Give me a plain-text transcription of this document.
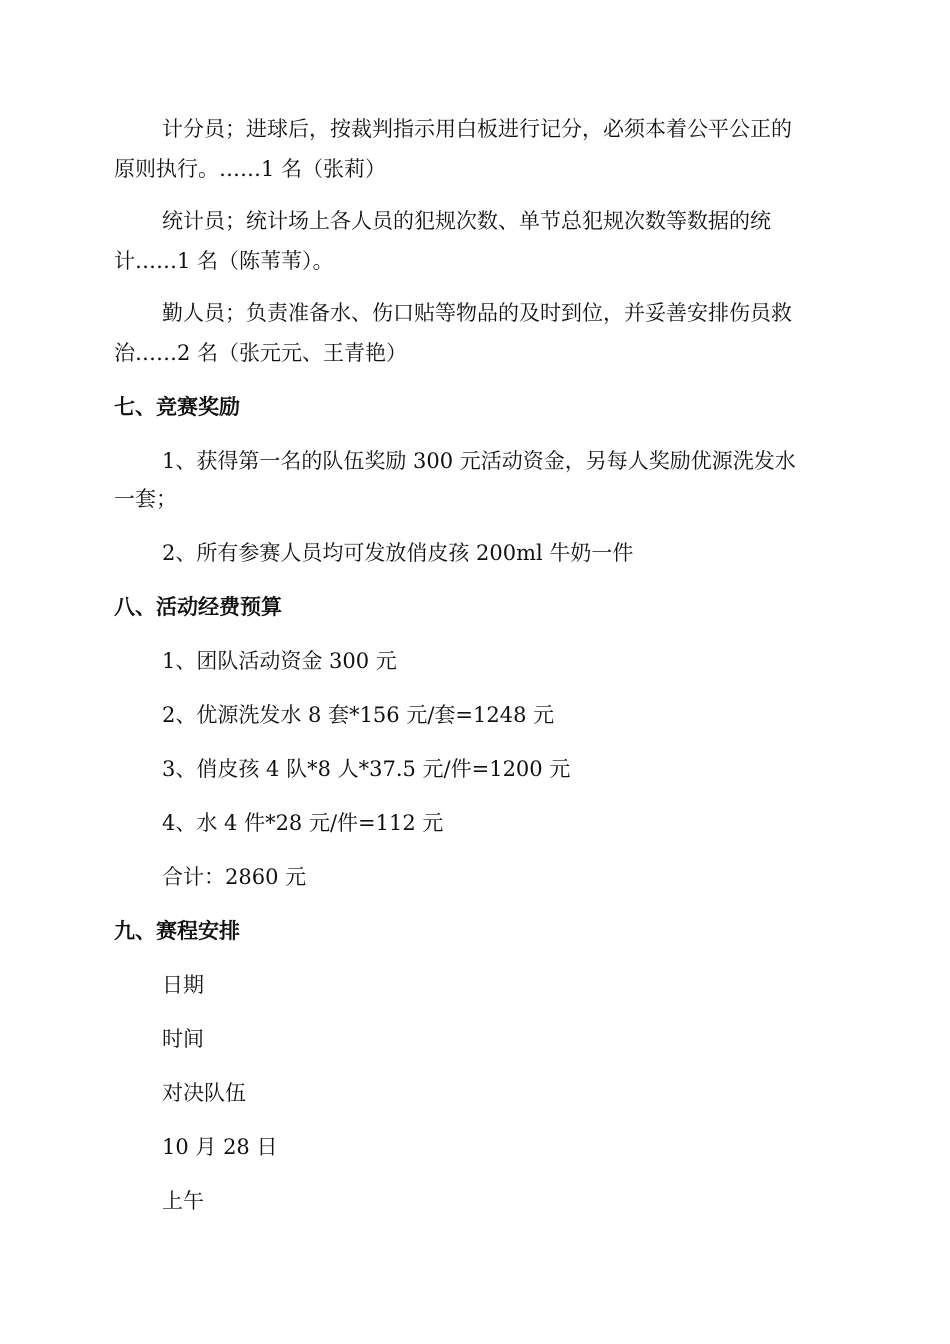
计分员；进球后，按裁判指示用白板进行记分，必须本着公平公正的
原则执行。……1 名（张莉）
统计员；统计场上各人员的犯规次数、单节总犯规次数等数据的统
计……1 名（陈苇苇）。
勤人员；负责准备水、伤口贴等物品的及时到位，并妥善安排伤员救
治……2 名（张元元、王青艳）
七、竞赛奖励
1、获得第一名的队伍奖励 300 元活动资金，另每人奖励优源洗发水
一套；
2、所有参赛人员均可发放俏皮孩 200ml 牛奶一件
八、活动经费预算
1、团队活动资金 300 元
2、优源洗发水 8 套*156 元/套=1248 元
3、俏皮孩 4 队*8 人*37.5 元/件=1200 元
4、水 4 件*28 元/件=112 元
合计：2860 元
九、赛程安排
日期
时间
对决队伍
10 月 28 日
上午
